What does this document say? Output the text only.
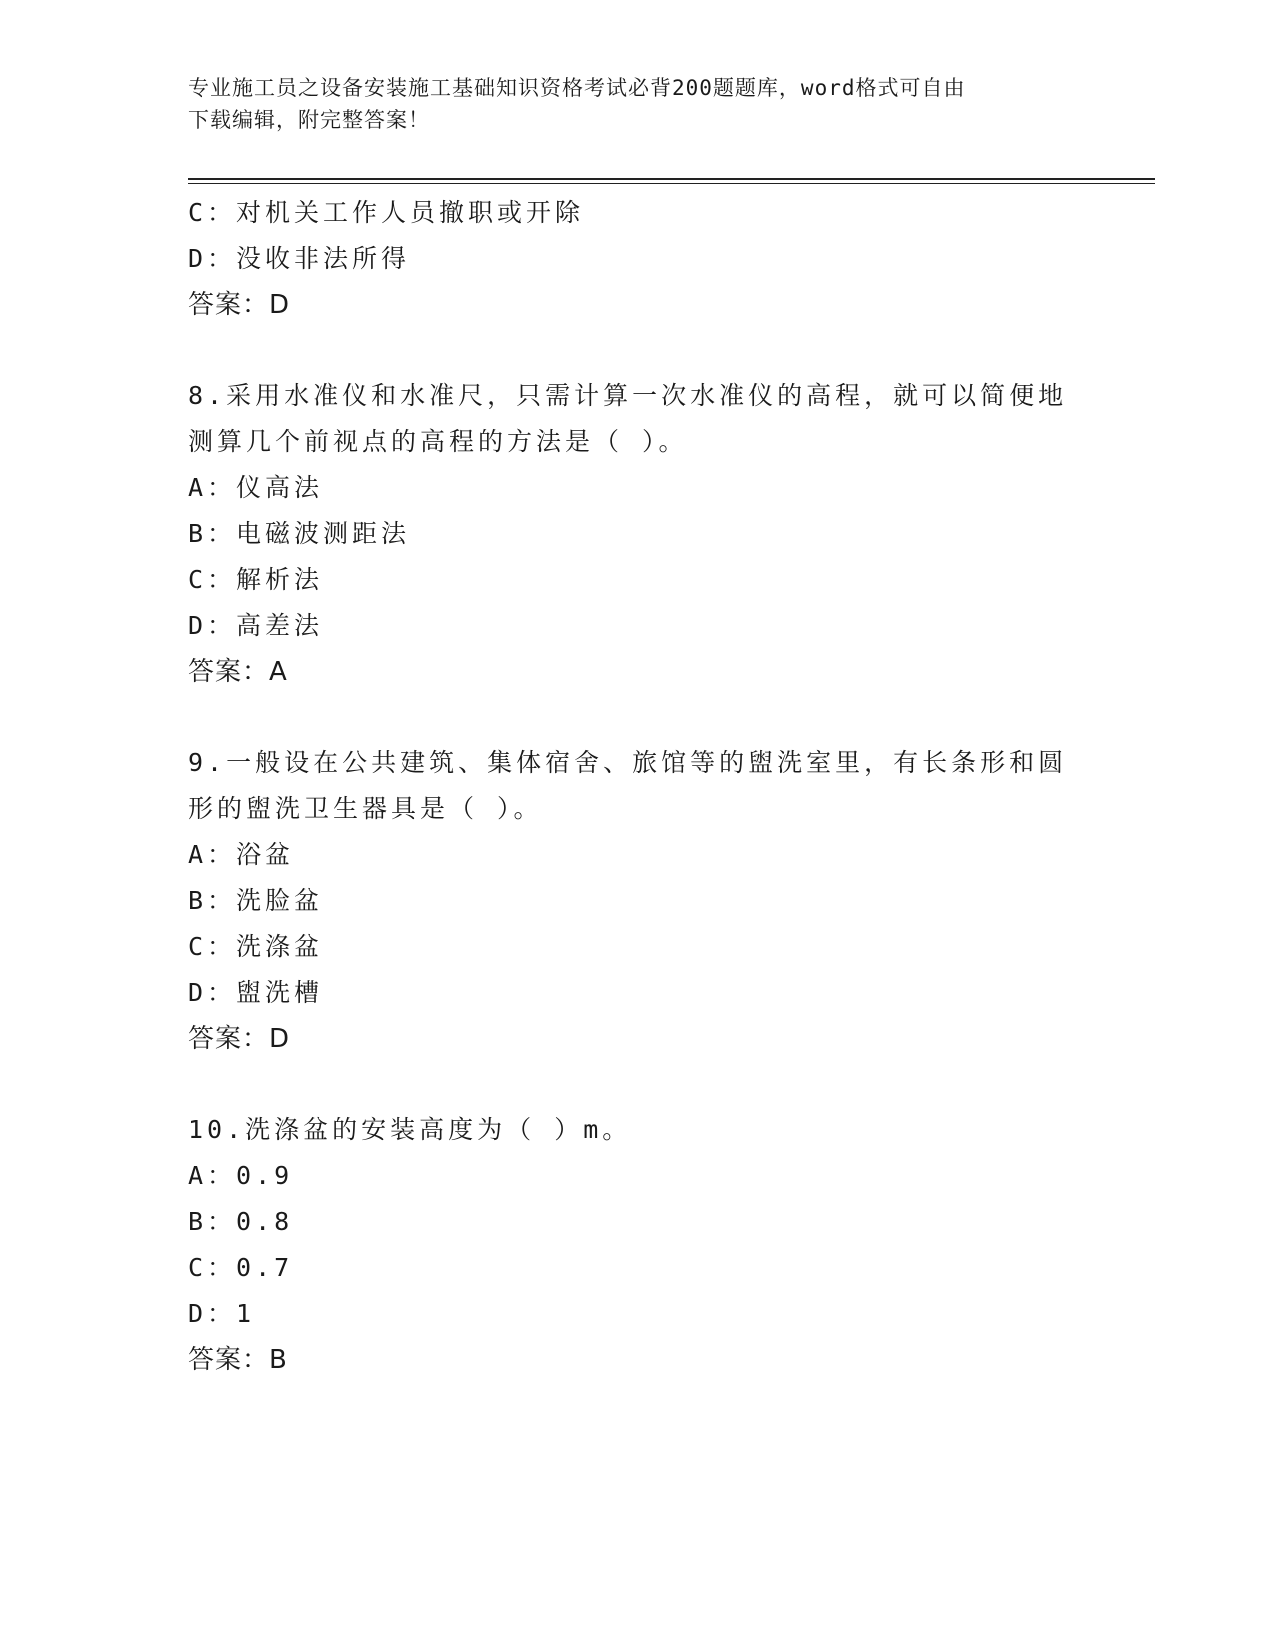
专业施工员之设备安装施工基础知识资格考试必背200题题库，word格式可自由
下载编辑，附完整答案！
C：对机关工作人员撤职或开除
D：没收非法所得
答案：D
8.采用水准仪和水准尺，只需计算一次水准仪的高程，就可以简便地
测算几个前视点的高程的方法是（ ）。
A：仪高法
B：电磁波测距法
C：解析法
D：高差法
答案：A
9.一般设在公共建筑、集体宿舍、旅馆等的盥洗室里，有长条形和圆
形的盥洗卫生器具是（ ）。
A：浴盆
B：洗脸盆
C：洗涤盆
D：盥洗槽
答案：D
10.洗涤盆的安装高度为（ ）m。
A：0.9
B：0.8
C：0.7
D：1
答案：B
